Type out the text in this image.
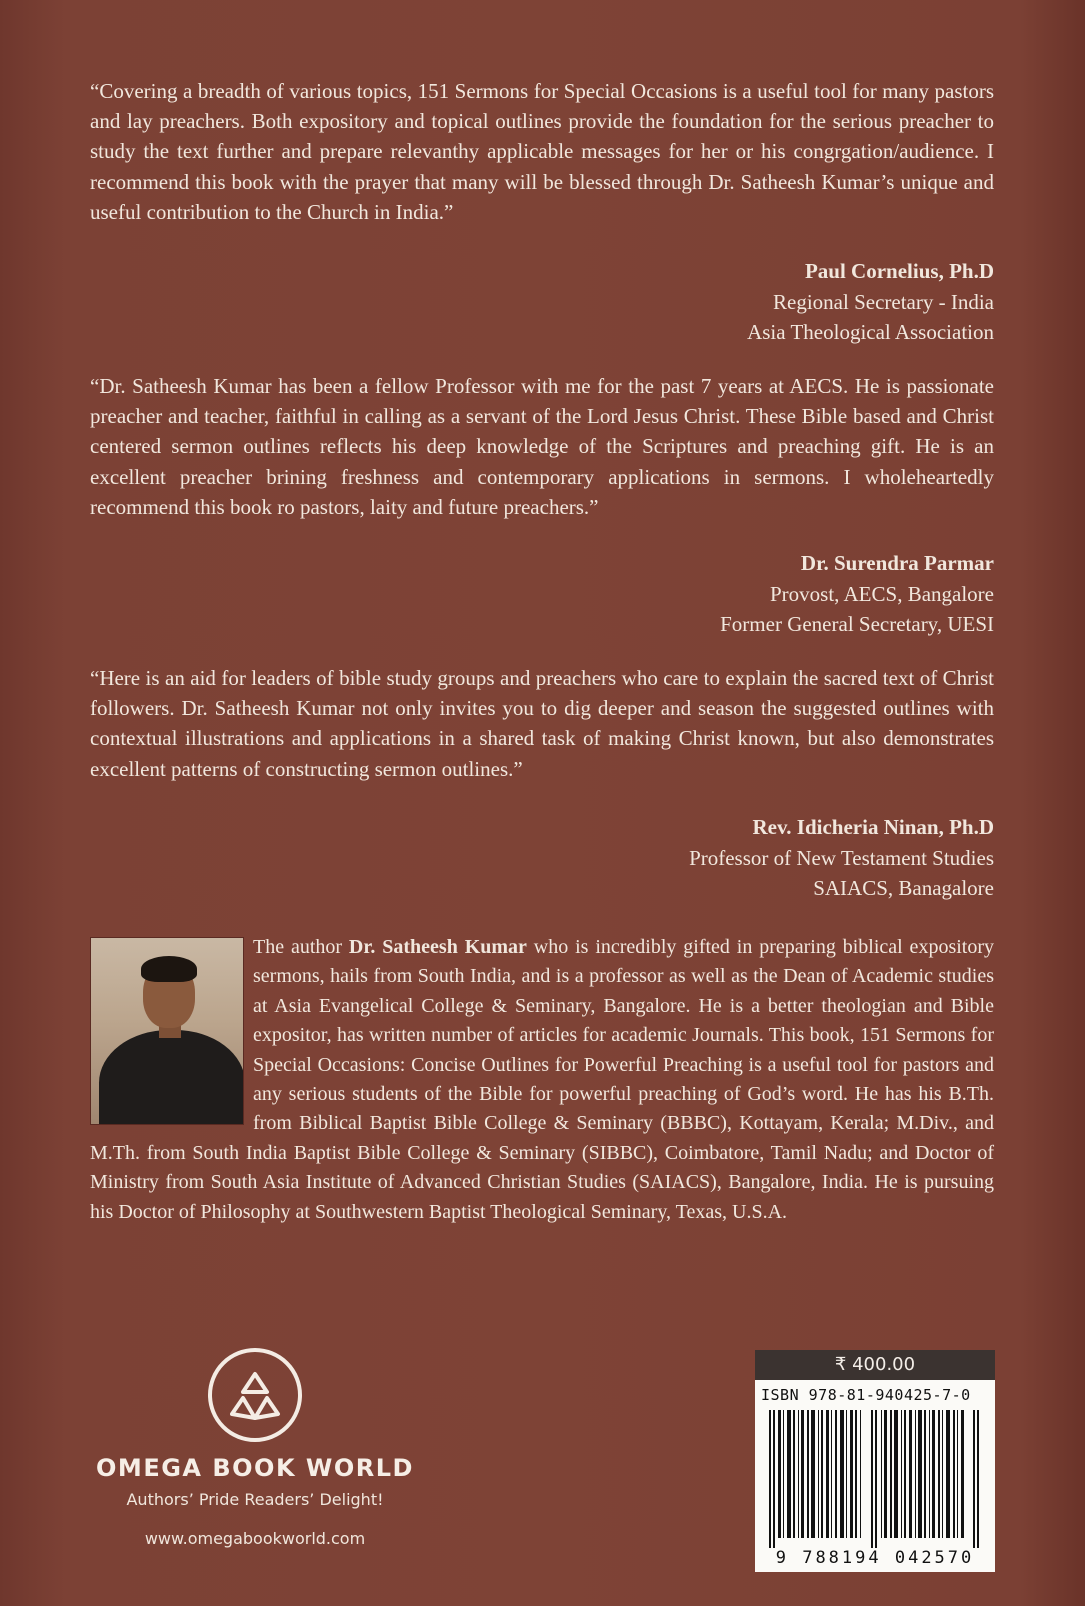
“Covering a breadth of various topics, 151 Sermons for Special Occasions is a useful tool for many pastors and lay preachers. Both expository and topical outlines provide the foundation for the serious preacher to study the text further and prepare relevanthy applicable messages for her or his congrgation/audience. I recommend this book with the prayer that many will be blessed through Dr. Satheesh Kumar’s unique and useful contribution to the Church in India.”

Paul Cornelius, Ph.D
Regional Secretary - India
Asia Theological Association

“Dr. Satheesh Kumar has been a fellow Professor with me for the past 7 years at AECS. He is passionate preacher and teacher, faithful in calling as a servant of the Lord Jesus Christ. These Bible based and Christ centered sermon outlines reflects his deep knowledge of the Scriptures and preaching gift. He is an excellent preacher brining freshness and contemporary applications in sermons. I wholeheartedly recommend this book ro pastors, laity and future preachers.”

Dr. Surendra Parmar
Provost, AECS, Bangalore
Former General Secretary, UESI

“Here is an aid for leaders of bible study groups and preachers who care to explain the sacred text of Christ followers. Dr. Satheesh Kumar not only invites you to dig deeper and season the suggested outlines with contextual illustrations and applications in a shared task of making Christ known, but also demonstrates excellent patterns of constructing sermon outlines.”

Rev. Idicheria Ninan, Ph.D
Professor of New Testament Studies
SAIACS, Banagalore
The author Dr. Satheesh Kumar who is incredibly gifted in preparing biblical expository sermons, hails from South India, and is a professor as well as the Dean of Academic studies at Asia Evangelical College & Seminary, Bangalore. He is a better theologian and Bible expositor, has written number of articles for academic Journals. This book, 151 Sermons for Special Occasions: Concise Outlines for Powerful Preaching is a useful tool for pastors and any serious students of the Bible for powerful preaching of God’s word. He has his B.Th. from Biblical Baptist Bible College & Seminary (BBBC), Kottayam, Kerala; M.Div., and M.Th. from South India Baptist Bible College & Seminary (SIBBC), Coimbatore, Tamil Nadu; and Doctor of Ministry from South Asia Institute of Advanced Christian Studies (SAIACS), Bangalore, India. He is pursuing his Doctor of Philosophy at Southwestern Baptist Theological Seminary, Texas, U.S.A.
OMEGA BOOK WORLD
Authors’ Pride Readers’ Delight!
www.omegabookworld.com
₹ 400.00
ISBN 978-81-940425-7-0
9 788194 042570
